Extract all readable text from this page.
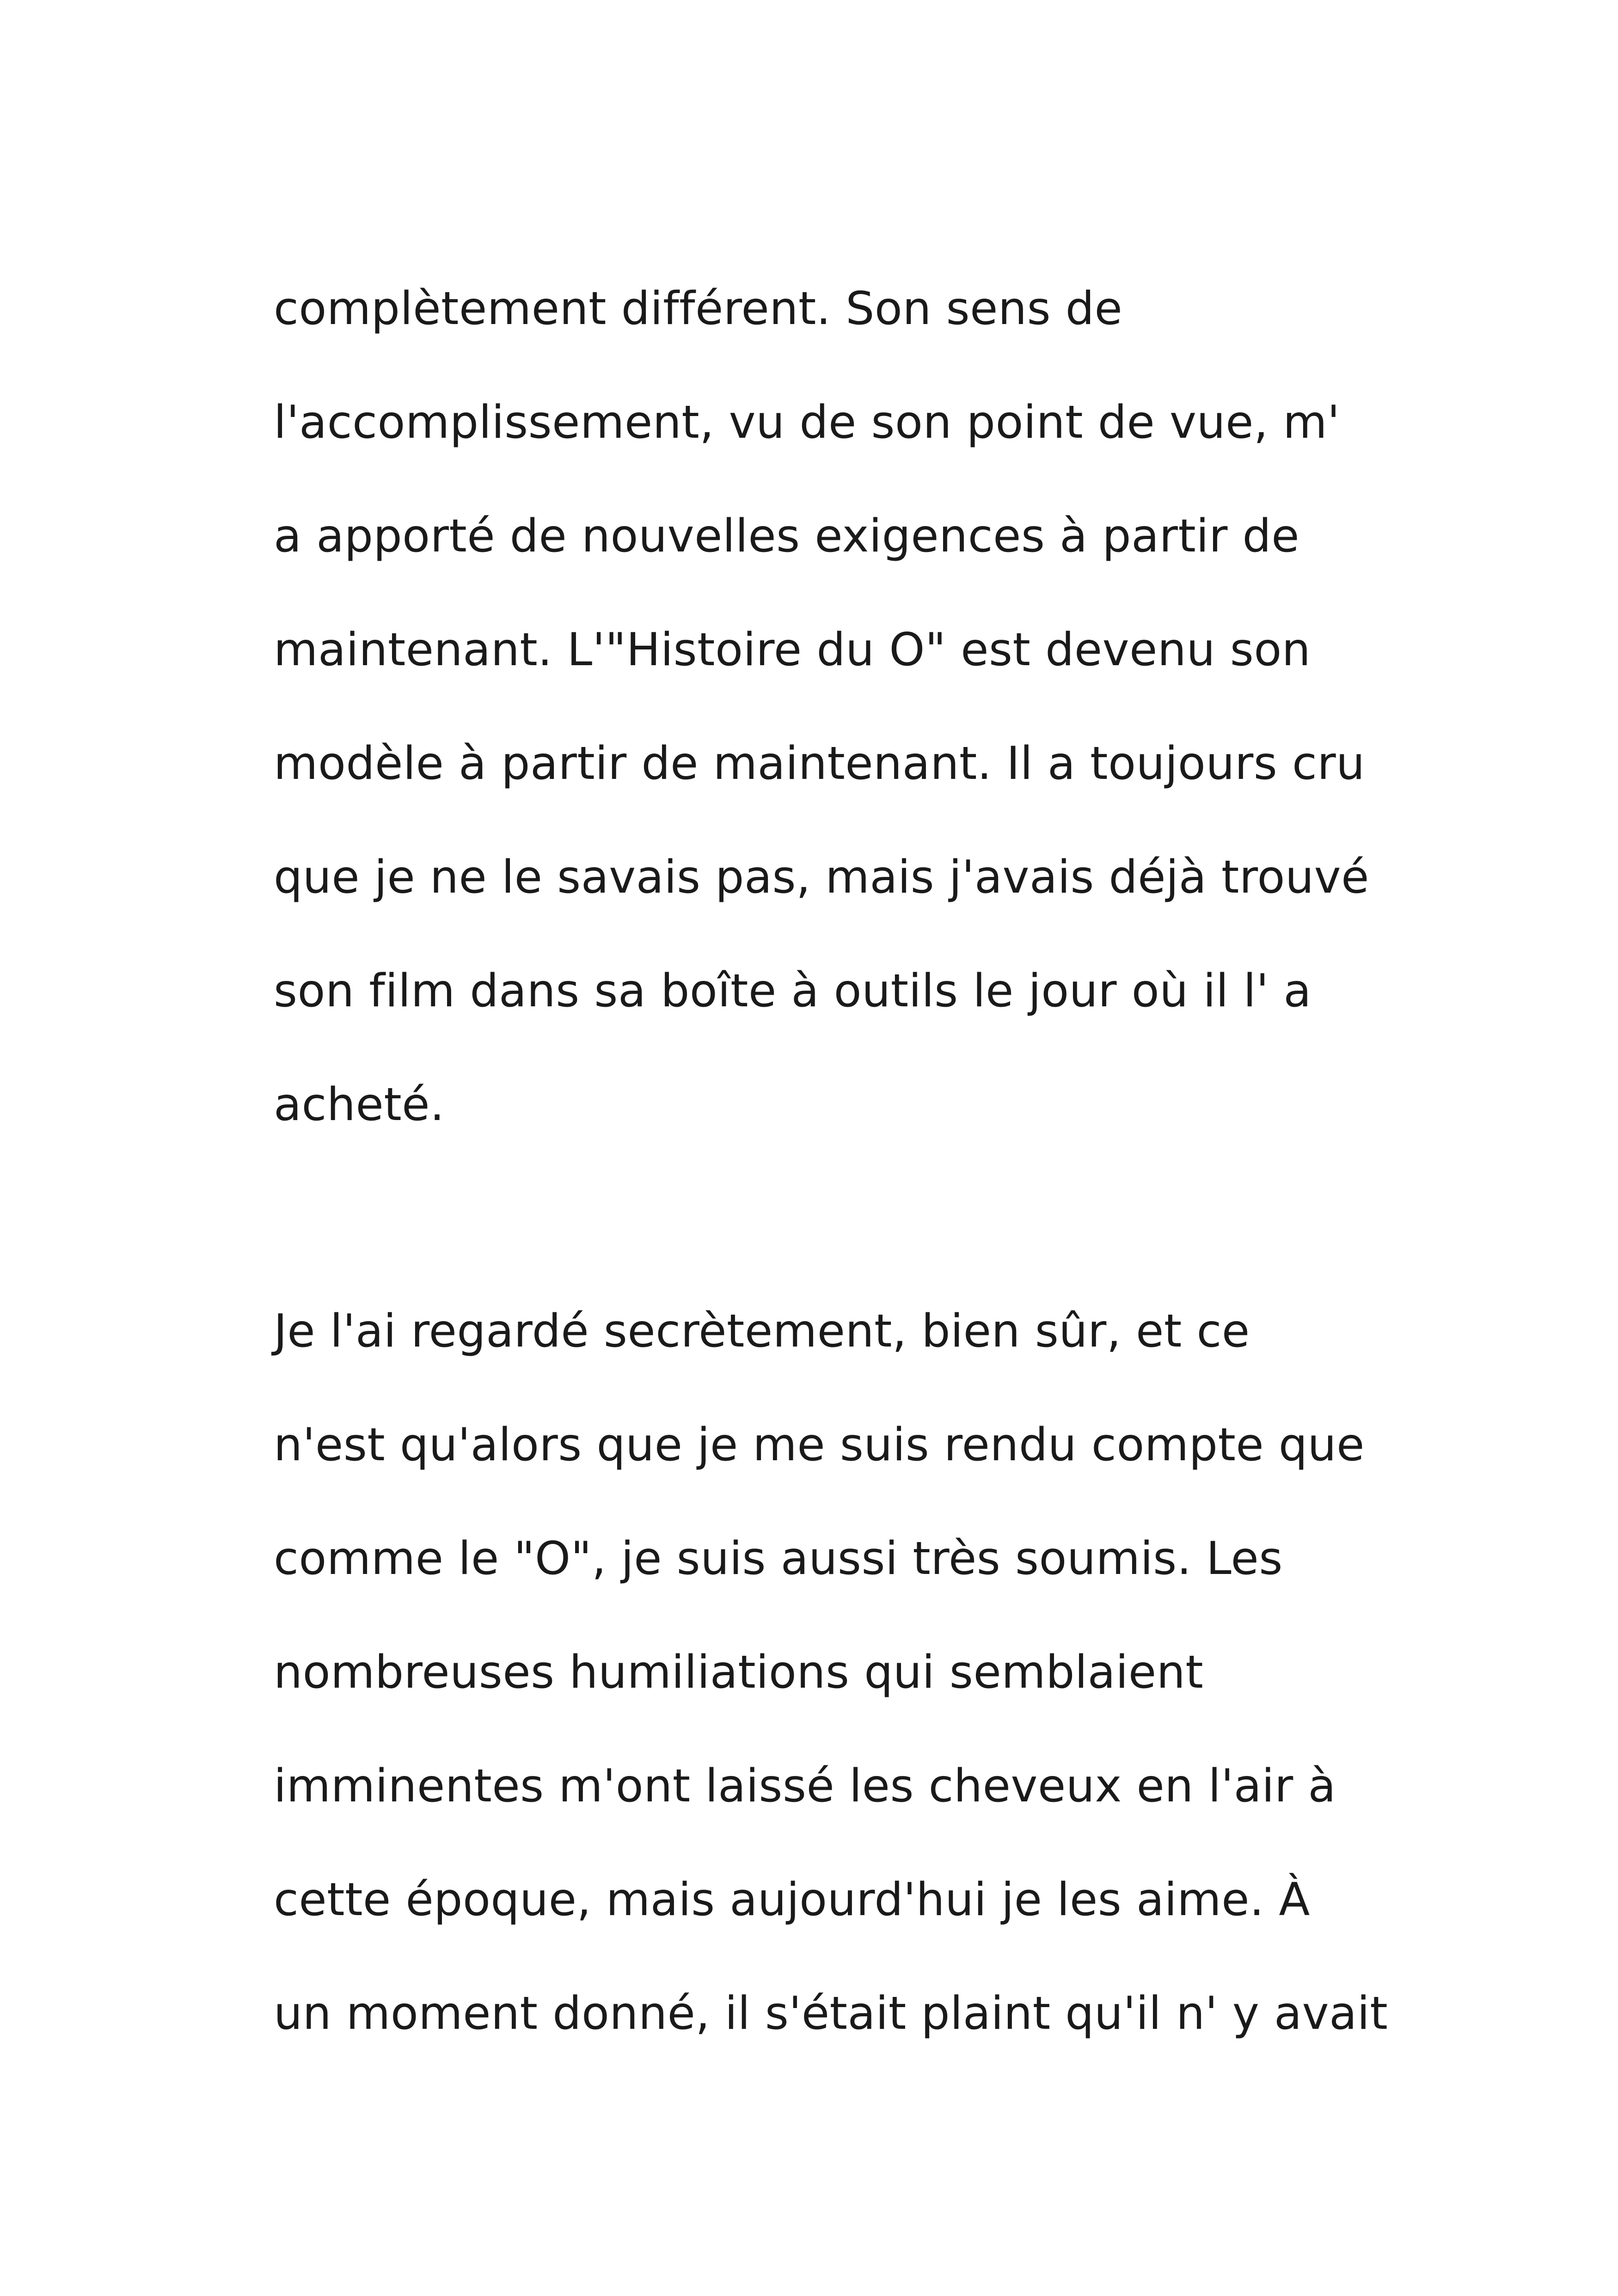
complètement différent. Son sens de

l'accomplissement, vu de son point de vue, m'

a apporté de nouvelles exigences à partir de

maintenant. L'"Histoire du O" est devenu son

modèle à partir de maintenant. Il a toujours cru

que je ne le savais pas, mais j'avais déjà trouvé

son film dans sa boîte à outils le jour où il l' a

acheté.

Je l'ai regardé secrètement, bien sûr, et ce

n'est qu'alors que je me suis rendu compte que

comme le "O", je suis aussi très soumis. Les

nombreuses humiliations qui semblaient

imminentes m'ont laissé les cheveux en l'air à

cette époque, mais aujourd'hui je les aime. À

un moment donné, il s'était plaint qu'il n' y avait
